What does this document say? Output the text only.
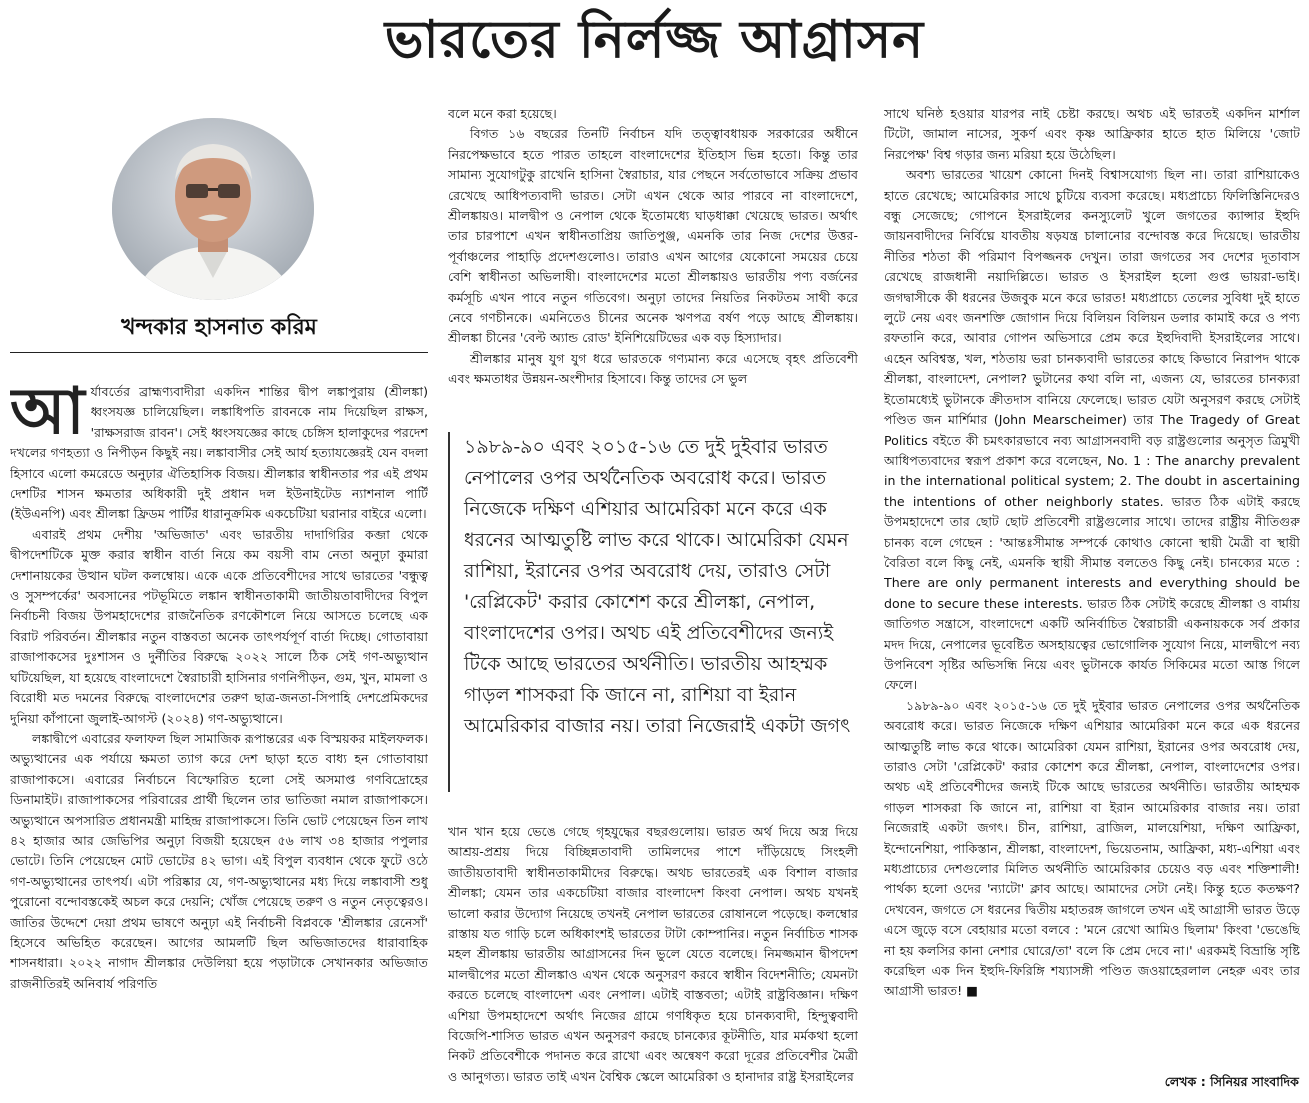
ভারতের নির্লজ্জ আগ্রাসন
খন্দকার হাসনাত করিম

আর্যাবর্তের ব্রাহ্মণ্যবাদীরা একদিন শান্তির দ্বীপ লঙ্কাপুরায় (শ্রীলঙ্কা) ধ্বংসযজ্ঞ চালিয়েছিল। লঙ্কাধিপতি রাবনকে নাম দিয়েছিল রাক্ষস, 'রাক্ষসরাজ রাবন'। সেই ধ্বংসযজ্ঞের কাছে চেঙ্গিস হালাকুদের পরদেশ দখলের গণহত্যা ও নিপীড়ন কিছুই নয়। লঙ্কাবাসীর সেই আর্য হত্যাযজ্ঞেরই যেন বদলা হিসাবে এলো কমরেডে অনুঢ়ার ঐতিহাসিক বিজয়। শ্রীলঙ্কার স্বাধীনতার পর এই প্রথম দেশটির শাসন ক্ষমতার অধিকারী দুই প্রধান দল ইউনাইটেড ন্যাশনাল পার্টি (ইউএনপি) এবং শ্রীলঙ্কা ফ্রিডম পার্টির ধারানুক্রমিক একচেটিয়া ঘরানার বাইরে এলো।

এবারই প্রথম দেশীয় 'অভিজাত' এবং ভারতীয় দাদাগিরির কব্জা থেকে দ্বীপদেশটিকে মুক্ত করার স্বাধীন বার্তা নিয়ে কম বয়সী বাম নেতা অনুঢ়া কুমারা দেশানায়কের উত্থান ঘটল কলম্বোয়। একে একে প্রতিবেশীদের সাথে ভারতের 'বন্ধুত্ব ও সুসম্পর্কের' অবসানের পটভূমিতে লঙ্কান স্বাধীনতাকামী জাতীয়তাবাদীদের বিপুল নির্বাচনী বিজয় উপমহাদেশের রাজনৈতিক রণকৌশলে নিয়ে আসতে চলেছে এক বিরাট পরিবর্তন। শ্রীলঙ্কার নতুন বাস্তবতা অনেক তাৎপর্যপূর্ণ বার্তা দিচ্ছে। গোতাবায়া রাজাপাকসের দুঃশাসন ও দুর্নীতির বিরুদ্ধে ২০২২ সালে ঠিক সেই গণ-অভ্যুত্থান ঘটিয়েছিল, যা হয়েছে বাংলাদেশে স্বৈরাচারী হাসিনার গণনিপীড়ন, গুম, খুন, মামলা ও বিরোধী মত দমনের বিরুদ্ধে বাংলাদেশের তরুণ ছাত্র-জনতা-সিপাহি দেশপ্রেমিকদের দুনিয়া কাঁপানো জুলাই-আগস্ট (২০২৪) গণ-অভ্যুত্থানে।

লঙ্কাদ্বীপে এবারের ফলাফল ছিল সামাজিক রূপান্তরের এক বিস্ময়কর মাইলফলক। অভ্যুত্থানের এক পর্যায়ে ক্ষমতা ত্যাগ করে দেশ ছাড়া হতে বাধ্য হন গোতাবায়া রাজাপাকসে। এবারের নির্বাচনে বিস্ফোরিত হলো সেই অসমাপ্ত গণবিদ্রোহের ডিনামাইট। রাজাপাকসের পরিবারের প্রার্থী ছিলেন তার ভাতিজা নমাল রাজাপাকসে। অভ্যুত্থানে অপসারিত প্রধানমন্ত্রী মাহিন্দ্র রাজাপাকসে। তিনি ভোট পেয়েছেন তিন লাখ ৪২ হাজার আর জেভিপির অনুঢ়া বিজয়ী হয়েছেন ৫৬ লাখ ৩৪ হাজার পপুলার ভোটে। তিনি পেয়েছেন মোট ভোটের ৪২ ভাগ। এই বিপুল ব্যবধান থেকে ফুটে ওঠে গণ-অভ্যুত্থানের তাৎপর্য। এটা পরিষ্কার যে, গণ-অভ্যুত্থানের মধ্য দিয়ে লঙ্কাবাসী শুধু পুরোনো বন্দোবস্তকেই অচল করে দেয়নি; খোঁজ পেয়েছে তরুণ ও নতুন নেতৃত্বেরও। জাতির উদ্দেশে দেয়া প্রথম ভাষণে অনুঢ়া এই নির্বাচনী বিপ্লবকে 'শ্রীলঙ্কার রেনেসাঁ' হিসেবে অভিহিত করেছেন। আগের আমলটি ছিল অভিজাতদের ধারাবাহিক শাসনধারা। ২০২২ নাগাদ শ্রীলঙ্কার দেউলিয়া হয়ে পড়াটাকে সেখানকার অভিজাত রাজনীতিরই অনিবার্য পরিণতি

বলে মনে করা হয়েছে।

বিগত ১৬ বছরের তিনটি নির্বাচন যদি তত্ত্বাবধায়ক সরকারের অধীনে নিরপেক্ষভাবে হতে পারত তাহলে বাংলাদেশের ইতিহাস ভিন্ন হতো। কিন্তু তার সামান্য সুযোগটুকু রাখেনি হাসিনা স্বৈরাচার, যার পেছনে সর্বতোভাবে সক্রিয় প্রভাব রেখেছে আধিপত্যবাদী ভারত। সেটা এখন থেকে আর পারবে না বাংলাদেশে, শ্রীলঙ্কায়ও। মালদ্বীপ ও নেপাল থেকে ইতোমধ্যে ঘাড়ধাক্কা খেয়েছে ভারত। অর্থাৎ তার চারপাশে এখন স্বাধীনতাপ্রিয় জাতিপুঞ্জ, এমনকি তার নিজ দেশের উত্তর-পূর্বাঞ্চলের পাহাড়ি প্রদেশগুলোও। তারাও এখন আগের যেকোনো সময়ের চেয়ে বেশি স্বাধীনতা অভিলাষী। বাংলাদেশের মতো শ্রীলঙ্কায়ও ভারতীয় পণ্য বর্জনের কর্মসূচি এখন পাবে নতুন গতিবেগ। অনুঢ়া তাদের নিয়তির নিকটতম সাথী করে নেবে গণচীনকে। এমনিতেও চীনের অনেক ঋণপত্র বর্ষণ পড়ে আছে শ্রীলঙ্কায়। শ্রীলঙ্কা চীনের 'বেল্ট অ্যান্ড রোড' ইনিশিয়েটিভের এক বড় হিস্যাদার।

শ্রীলঙ্কার মানুষ যুগ যুগ ধরে ভারতকে গণ্যমান্য করে এসেছে বৃহৎ প্রতিবেশী এবং ক্ষমতাধর উন্নয়ন-অংশীদার হিসাবে। কিন্তু তাদের সে ভুল

১৯৮৯-৯০ এবং ২০১৫-১৬ তে দুই দুইবার ভারত নেপালের ওপর অর্থনৈতিক অবরোধ করে। ভারত নিজেকে দক্ষিণ এশিয়ার আমেরিকা মনে করে এক ধরনের আত্মতুষ্টি লাভ করে থাকে। আমেরিকা যেমন রাশিয়া, ইরানের ওপর অবরোধ দেয়, তারাও সেটা 'রেপ্লিকেট' করার কোশেশ করে শ্রীলঙ্কা, নেপাল, বাংলাদেশের ওপর। অথচ এই প্রতিবেশীদের জন্যই টিকে আছে ভারতের অর্থনীতি। ভারতীয় আহম্মক গাড়ল শাসকরা কি জানে না, রাশিয়া বা ইরান আমেরিকার বাজার নয়। তারা নিজেরাই একটা জগৎ

খান খান হয়ে ভেঙে গেছে গৃহযুদ্ধের বছরগুলোয়। ভারত অর্থ দিয়ে অস্ত্র দিয়ে আশ্রয়-প্রশ্রয় দিয়ে বিচ্ছিন্নতাবাদী তামিলদের পাশে দাঁড়িয়েছে সিংহলী জাতীয়তাবাদী স্বাধীনতাকামীদের বিরুদ্ধে। অথচ ভারতেরই এক বিশাল বাজার শ্রীলঙ্কা; যেমন তার একচেটিয়া বাজার বাংলাদেশ কিংবা নেপাল। অথচ যখনই ভালো করার উদ্যোগ নিয়েছে তখনই নেপাল ভারতের রোষানলে পড়েছে। কলম্বোর রাস্তায় যত গাড়ি চলে অধিকাংশই ভারতের টাটা কোম্পানির। নতুন নির্বাচিত শাসক মহল শ্রীলঙ্কায় ভারতীয় আগ্রাসনের দিন ভুলে যেতে বলেছে। নিমজ্জমান দ্বীপদেশ মালদ্বীপের মতো শ্রীলঙ্কাও এখন থেকে অনুসরণ করবে স্বাধীন বিদেশনীতি; যেমনটা করতে চলেছে বাংলাদেশ এবং নেপাল। এটাই বাস্তবতা; এটাই রাষ্ট্রবিজ্ঞান। দক্ষিণ এশিয়া উপমহাদেশে অর্থাৎ নিজের গ্রামে গণধিকৃত হয়ে চানক্যবাদী, হিন্দুত্ববাদী বিজেপি-শাসিত ভারত এখন অনুসরণ করছে চানক্যের কূটনীতি, যার মর্মকথা হলো নিকট প্রতিবেশীকে পদানত করে রাখো এবং অন্বেষণ করো দূরের প্রতিবেশীর মৈত্রী ও আনুগত্য। ভারত তাই এখন বৈশ্বিক স্কেলে আমেরিকা ও হানাদার রাষ্ট্র ইসরাইলের

সাথে ঘনিষ্ঠ হওয়ার যারপর নাই চেষ্টা করছে। অথচ এই ভারতই একদিন মার্শাল টিটো, জামাল নাসের, সুকর্ণ এবং কৃষ্ণ আফ্রিকার হাতে হাত মিলিয়ে 'জোট নিরপেক্ষ' বিশ্ব গড়ার জন্য মরিয়া হয়ে উঠেছিল।

অবশ্য ভারতের খায়েশ কোনো দিনই বিশ্বাসযোগ্য ছিল না। তারা রাশিয়াকেও হাতে রেখেছে; আমেরিকার সাথে চুটিয়ে ব্যবসা করেছে। মধ্যপ্রাচ্যে ফিলিস্তিনিদেরও বন্ধু সেজেছে; গোপনে ইসরাইলের কনস্যুলেট খুলে জগতের ক্যান্সার ইহুদি জায়নবাদীদের নির্বিঘ্নে যাবতীয় ষড়যন্ত্র চালানোর বন্দোবস্ত করে দিয়েছে। ভারতীয় নীতির শঠতা কী পরিমাণ বিপজ্জনক দেখুন। তারা জগতের সব দেশের দূতাবাস রেখেছে রাজধানী নয়াদিল্লিতে। ভারত ও ইসরাইল হলো গুপ্ত ভায়রা-ভাই। জগদ্বাসীকে কী ধরনের উজবুক মনে করে ভারত! মধ্যপ্রাচ্যে তেলের সুবিধা দুই হাতে লুটে নেয় এবং জনশক্তি জোগান দিয়ে বিলিয়ন বিলিয়ন ডলার কামাই করে ও পণ্য রফতানি করে, আবার গোপন অভিসারে প্রেম করে ইহুদিবাদী ইসরাইলের সাথে। এহেন অবিশ্বস্ত, খল, শঠতায় ভরা চানক্যবাদী ভারতের কাছে কিভাবে নিরাপদ থাকে শ্রীলঙ্কা, বাংলাদেশ, নেপাল? ভুটানের কথা বলি না, এজন্য যে, ভারতের চানক্যরা ইতোমধ্যেই ভুটানকে ক্রীতদাস বানিয়ে ফেলেছে। ভারত যেটা অনুসরণ করছে সেটাই পণ্ডিত জন মার্শিমার (John Mearscheimer) তার The Tragedy of Great Politics বইতে কী চমৎকারভাবে নব্য আগ্রাসনবাদী বড় রাষ্ট্রগুলোর অনুসৃত ত্রিমুখী আধিপত্যবাদের স্বরূপ প্রকাশ করে বলেছেন, No. 1 : The anarchy prevalent in the international political system; 2. The doubt in ascertaining the intentions of other neighborly states. ভারত ঠিক এটাই করছে উপমহাদেশে তার ছোট ছোট প্রতিবেশী রাষ্ট্রগুলোর সাথে। তাদের রাষ্ট্রীয় নীতিগুরু চানক্য বলে গেছেন : 'আন্তঃসীমান্ত সম্পর্কে কোথাও কোনো স্থায়ী মৈত্রী বা স্থায়ী বৈরিতা বলে কিছু নেই, এমনকি স্থায়ী সীমান্ত বলতেও কিছু নেই। চানক্যের মতে : There are only permanent interests and everything should be done to secure these interests. ভারত ঠিক সেটাই করেছে শ্রীলঙ্কা ও বার্মায় জাতিগত সন্ত্রাসে, বাংলাদেশে একটি অনির্বাচিত স্বৈরাচারী একনায়ককে সর্ব প্রকার মদদ দিয়ে, নেপালের ভূবেষ্টিত অসহায়ত্বের ভোগোলিক সুযোগ নিয়ে, মালদ্বীপে নব্য উপনিবেশ সৃষ্টির অভিসন্ধি নিয়ে এবং ভুটানকে কার্যত সিকিমের মতো আস্ত গিলে ফেলে।

১৯৮৯-৯০ এবং ২০১৫-১৬ তে দুই দুইবার ভারত নেপালের ওপর অর্থনৈতিক অবরোধ করে। ভারত নিজেকে দক্ষিণ এশিয়ার আমেরিকা মনে করে এক ধরনের আত্মতুষ্টি লাভ করে থাকে। আমেরিকা যেমন রাশিয়া, ইরানের ওপর অবরোধ দেয়, তারাও সেটা 'রেপ্লিকেট' করার কোশেশ করে শ্রীলঙ্কা, নেপাল, বাংলাদেশের ওপর। অথচ এই প্রতিবেশীদের জন্যই টিকে আছে ভারতের অর্থনীতি। ভারতীয় আহম্মক গাড়ল শাসকরা কি জানে না, রাশিয়া বা ইরান আমেরিকার বাজার নয়। তারা নিজেরাই একটা জগৎ। চীন, রাশিয়া, ব্রাজিল, মালয়েশিয়া, দক্ষিণ আফ্রিকা, ইন্দোনেশিয়া, পাকিস্তান, শ্রীলঙ্কা, বাংলাদেশ, ভিয়েতনাম, আফ্রিকা, মধ্য-এশিয়া এবং মধ্যপ্রাচ্যের দেশগুলোর মিলিত অর্থনীতি আমেরিকার চেয়েও বড় এবং শক্তিশালী! পার্থক্য হলো ওদের 'ন্যাটো' ক্লাব আছে। আমাদের সেটা নেই। কিন্তু হতে কতক্ষণ? দেখবেন, জগতে সে ধরনের দ্বিতীয় মহাতরঙ্গ জাগলে তখন এই আগ্রাসী ভারত উড়ে এসে জুড়ে বসে বেহায়ার মতো বলবে : 'মনে রেখো আমিও ছিলাম' কিংবা 'ভেঙেছি না হয় কলসির কানা নেশার ঘোরে/তা' বলে কি প্রেম দেবে না।' এরকমই বিভ্রান্তি সৃষ্টি করেছিল এক দিন ইহুদি-ফিরিঙ্গি শয্যাসঙ্গী পণ্ডিত জওয়াহেরলাল নেহরু এবং তার আগ্রাসী ভারত! ■

লেখক : সিনিয়র সাংবাদিক
